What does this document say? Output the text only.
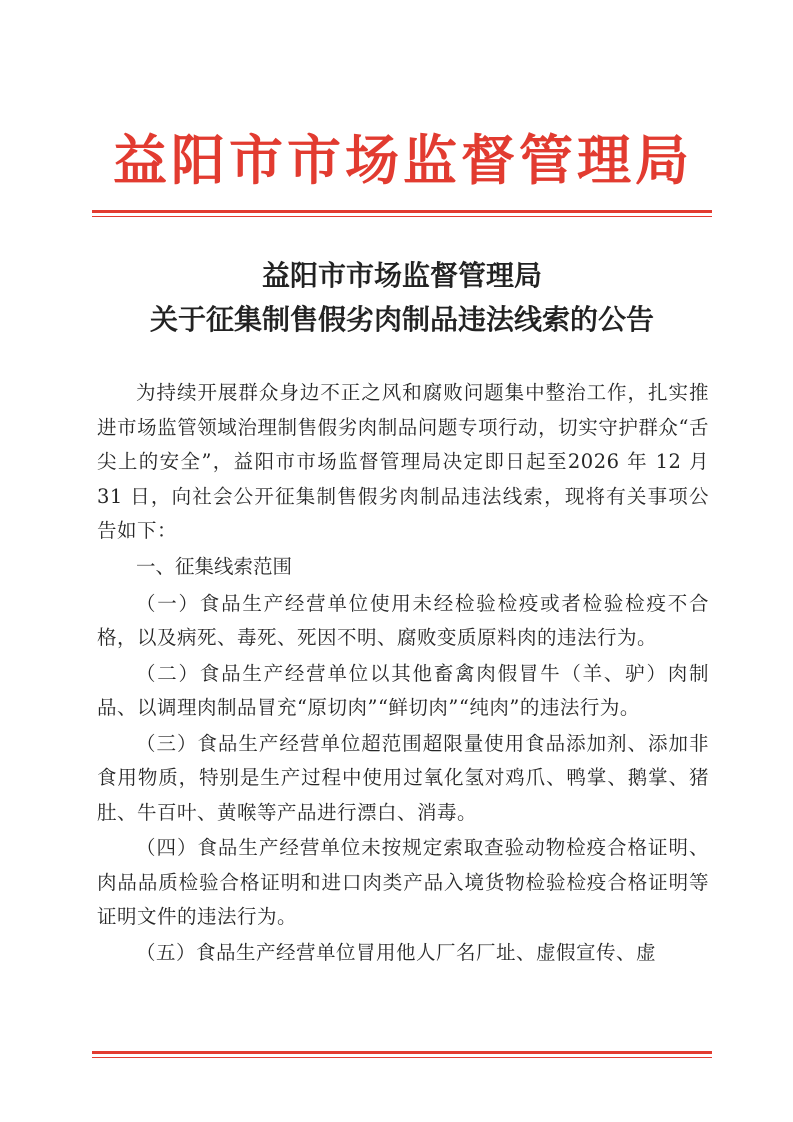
益阳市市场监督管理局
益阳市市场监督管理局
关于征集制售假劣肉制品违法线索的公告

为持续开展群众身边不正之风和腐败问题集中整治工作，扎实推进市场监管领域治理制售假劣肉制品问题专项行动，切实守护群众“舌尖上的安全”，益阳市市场监督管理局决定即日起至2026 年 12 月 31 日，向社会公开征集制售假劣肉制品违法线索，现将有关事项公告如下：

一、征集线索范围

（一）食品生产经营单位使用未经检验检疫或者检验检疫不合格，以及病死、毒死、死因不明、腐败变质原料肉的违法行为。

（二）食品生产经营单位以其他畜禽肉假冒牛（羊、驴）肉制品、以调理肉制品冒充“原切肉”“鲜切肉”“纯肉”的违法行为。

（三）食品生产经营单位超范围超限量使用食品添加剂、添加非食用物质，特别是生产过程中使用过氧化氢对鸡爪、鸭掌、鹅掌、猪肚、牛百叶、黄喉等产品进行漂白、消毒。

（四）食品生产经营单位未按规定索取查验动物检疫合格证明、肉品品质检验合格证明和进口肉类产品入境货物检验检疫合格证明等证明文件的违法行为。

（五）食品生产经营单位冒用他人厂名厂址、虚假宣传、虚
